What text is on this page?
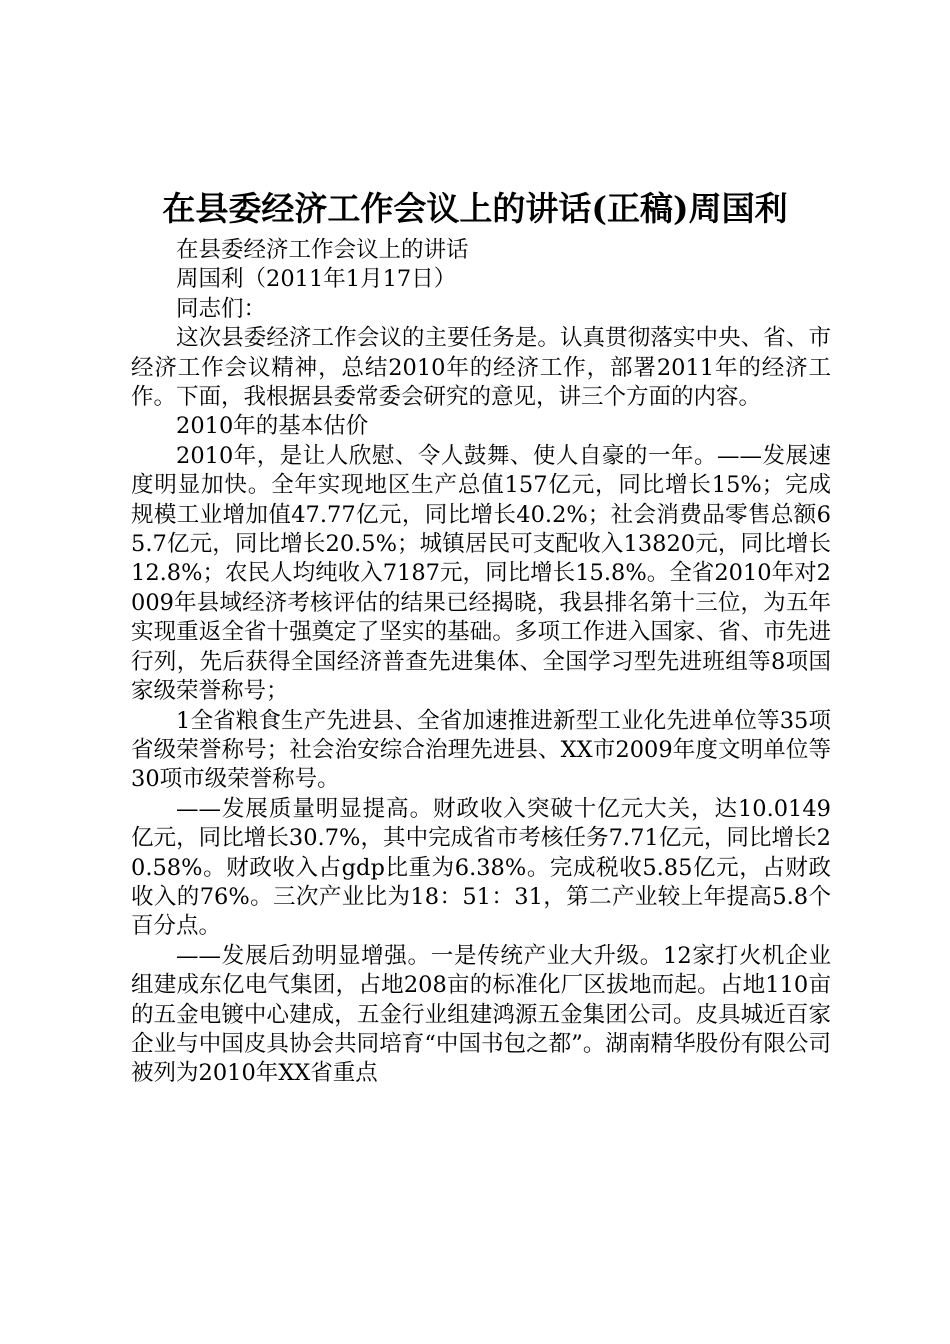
在县委经济工作会议上的讲话(正稿)周国利

在县委经济工作会议上的讲话

周国利（2011年1月17日）

同志们：

这次县委经济工作会议的主要任务是。认真贯彻落实中央、省、市经济工作会议精神，总结2010年的经济工作，部署2011年的经济工作。下面，我根据县委常委会研究的意见，讲三个方面的内容。

2010年的基本估价

2010年，是让人欣慰、令人鼓舞、使人自豪的一年。——发展速度明显加快。全年实现地区生产总值157亿元，同比增长15%；完成规模工业增加值47.77亿元，同比增长40.2%；社会消费品零售总额65.7亿元，同比增长20.5%；城镇居民可支配收入13820元，同比增长12.8%；农民人均纯收入7187元，同比增长15.8%。全省2010年对2009年县域经济考核评估的结果已经揭晓，我县排名第十三位，为五年实现重返全省十强奠定了坚实的基础。多项工作进入国家、省、市先进行列，先后获得全国经济普查先进集体、全国学习型先进班组等8项国家级荣誉称号；

1全省粮食生产先进县、全省加速推进新型工业化先进单位等35项省级荣誉称号；社会治安综合治理先进县、XX市2009年度文明单位等30项市级荣誉称号。

——发展质量明显提高。财政收入突破十亿元大关，达10.0149亿元，同比增长30.7%，其中完成省市考核任务7.71亿元，同比增长20.58%。财政收入占gdp比重为6.38%。完成税收5.85亿元，占财政收入的76%。三次产业比为18：51：31，第二产业较上年提高5.8个百分点。

——发展后劲明显增强。一是传统产业大升级。12家打火机企业组建成东亿电气集团，占地208亩的标准化厂区拔地而起。占地110亩的五金电镀中心建成，五金行业组建鸿源五金集团公司。皮具城近百家企业与中国皮具协会共同培育“中国书包之都”。湖南精华股份有限公司被列为2010年XX省重点
